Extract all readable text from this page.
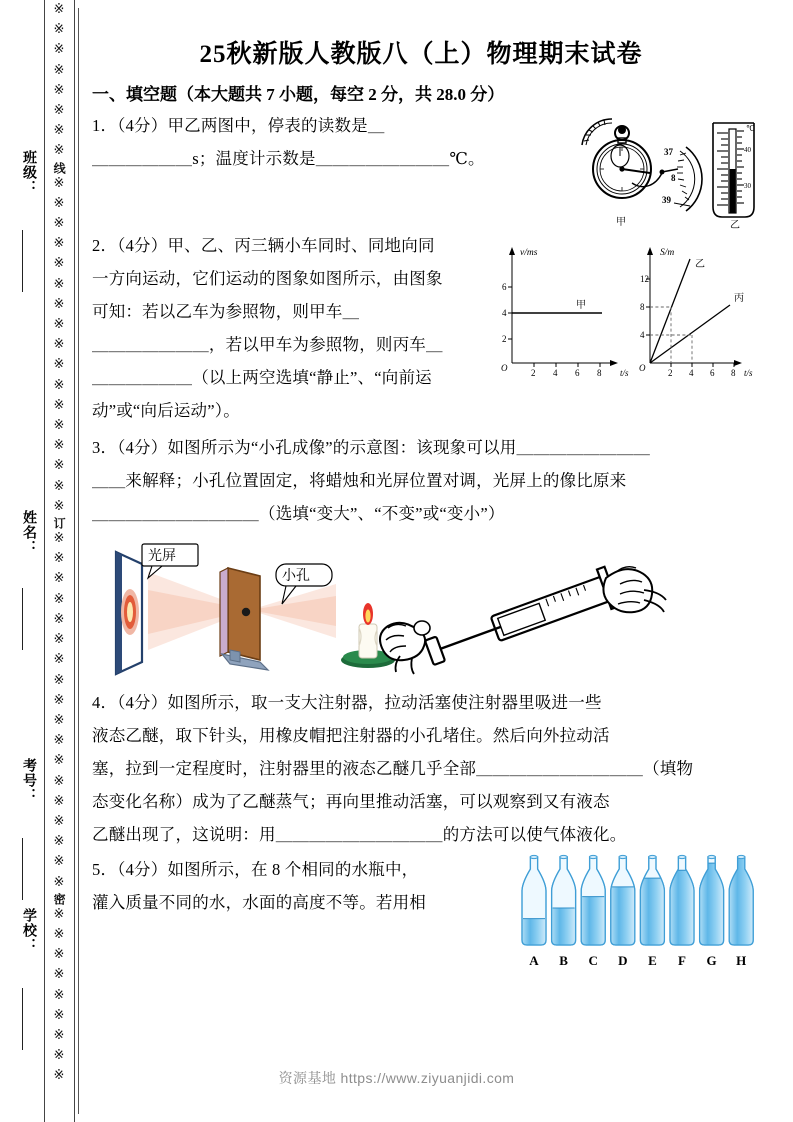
※
※
※
※
※
※
※
※
线
※
※
※
※
※
※
※
※
※
※
※
※
※
※
※
※
※
订
※
※
※
※
※
※
※
※
※
※
※
※
※
※
※
※
※
※
密
※
※
※
※
※
※
※
※
※
班级：
姓名：
考号：
学校：
25秋新版人教版八（上）物理期末试卷
一、填空题（本大题共 7 小题，每空 2 分，共 28.0 分）
1．（4分）甲乙两图中，停表的读数是＿
＿＿＿＿＿＿s；温度计示数是＿＿＿＿＿＿＿＿℃。	37
8
39
℃
40
30
甲	乙
2．（4分）甲、乙、丙三辆小车同时、同地向同
一方向运动，它们运动的图象如图所示，由图象
可知：若以乙车为参照物，则甲车＿
＿＿＿＿＿＿＿，若以甲车为参照物，则丙车＿
＿＿＿＿＿＿（以上两空选填“静止”、“向前运
动”或“向后运动”）。
O
2
4
6
2 4 6 8
v/ms
t/s
甲
O
4
8
12
2 4 6 8
S/m
t/s
乙
丙
3．（4分）如图所示为“小孔成像”的示意图：该现象可以用＿＿＿＿＿＿＿＿
＿＿来解释；小孔位置固定，将蜡烛和光屏位置对调，光屏上的像比原来
＿＿＿＿＿＿＿＿＿＿（选填“变大”、“不变”或“变小”）
光屏
小孔
4．（4分）如图所示，取一支大注射器，拉动活塞使注射器里吸进一些
液态乙醚，取下针头，用橡皮帽把注射器的小孔堵住。然后向外拉动活
塞，拉到一定程度时，注射器里的液态乙醚几乎全部＿＿＿＿＿＿＿＿＿＿（填物
态变化名称）成为了乙醚蒸气；再向里推动活塞，可以观察到又有液态
乙醚出现了，这说明：用＿＿＿＿＿＿＿＿＿＿的方法可以使气体液化。
5．（4分）如图所示，在 8 个相同的水瓶中，
灌入质量不同的水，水面的高度不等。若用相
A B C D E F G H
资源基地 https://www.ziyuanjidi.com
